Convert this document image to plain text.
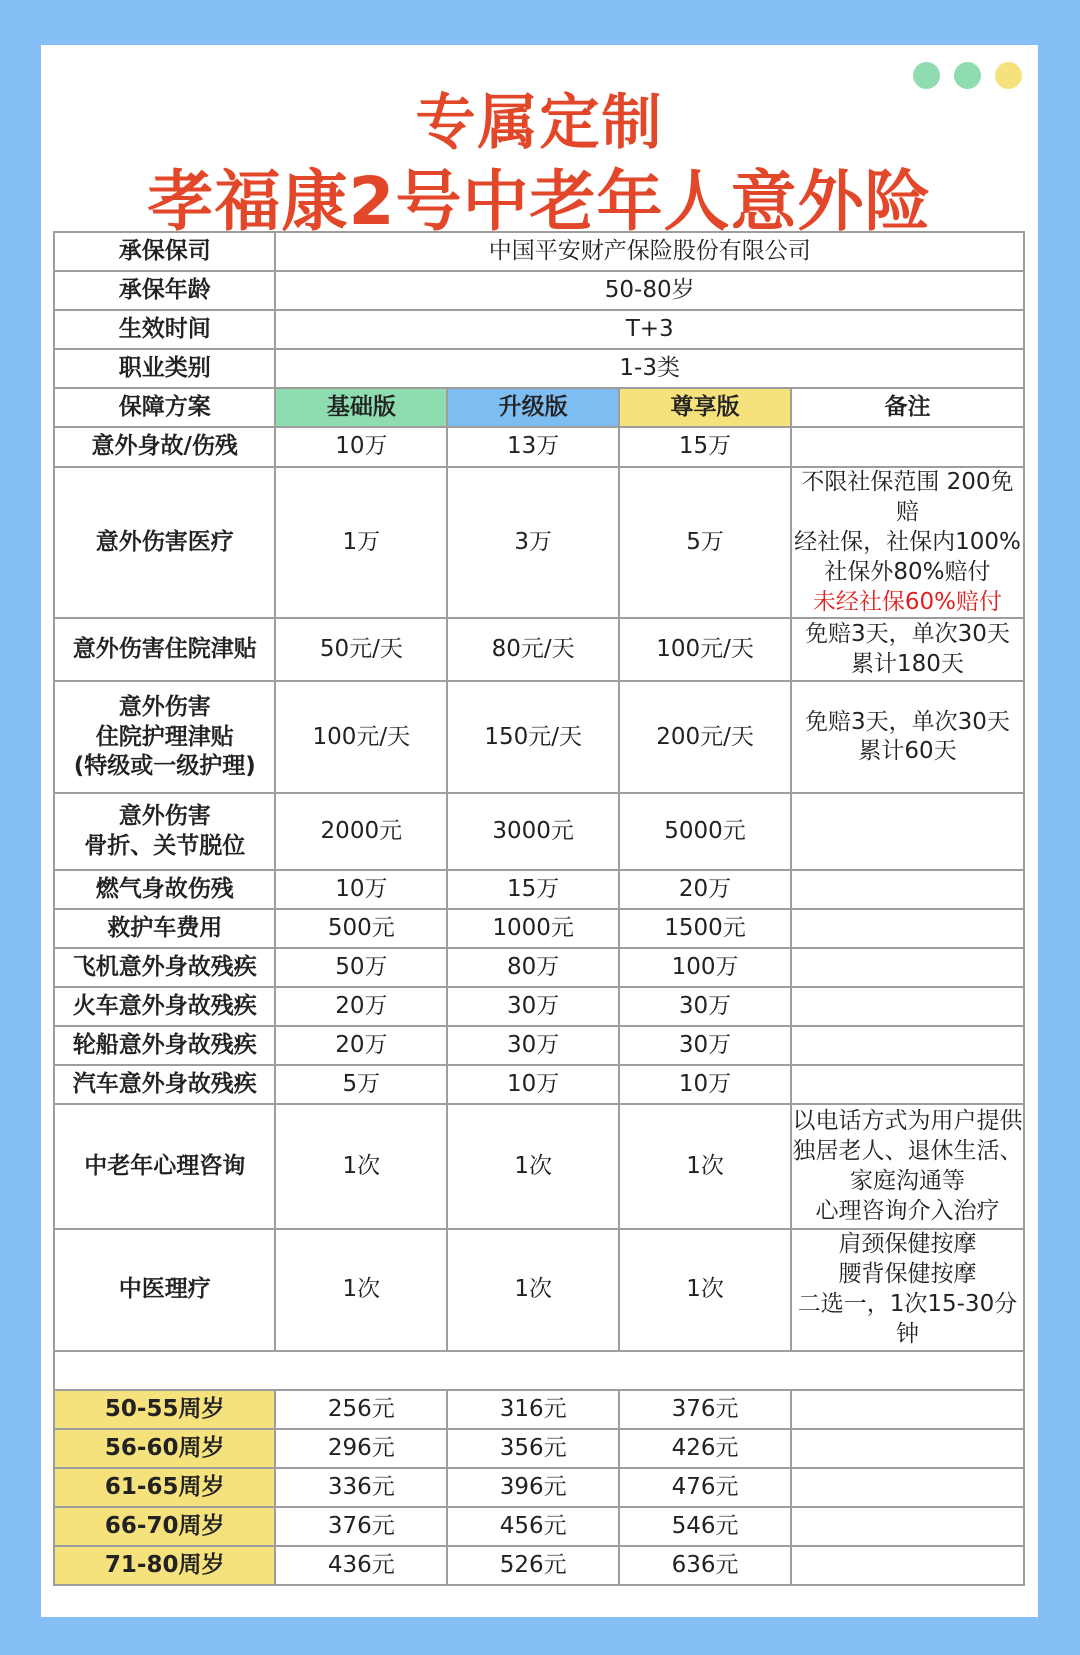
专属定制
孝福康2号中老年人意外险
承保保司	中国平安财产保险股份有限公司			
承保年龄	50-80岁			
生效时间	T+3			
职业类别	1-3类			
保障方案	基础版	升级版	尊享版	备注

意外身故/伤残	10万	13万	15万	

意外伤害医疗	1万	3万	5万	不限社保范围 200免赔
经社保，社保内100%
社保外80%赔付
未经社保60%赔付

意外伤害住院津贴	50元/天	80元/天	100元/天	免赔3天，单次30天
累计180天

意外伤害
住院护理津贴
(特级或一级护理)	100元/天	150元/天	200元/天	免赔3天，单次30天
累计60天

意外伤害
骨折、关节脱位	2000元	3000元	5000元	

燃气身故伤残	10万	15万	20万	

救护车费用	500元	1000元	1500元	

飞机意外身故残疾	50万	80万	100万	

火车意外身故残疾	20万	30万	30万	

轮船意外身故残疾	20万	30万	30万	

汽车意外身故残疾	5万	10万	10万	

中老年心理咨询	1次	1次	1次	以电话方式为用户提供
独居老人、退休生活、
家庭沟通等
心理咨询介入治疗

中医理疗	1次	1次	1次	肩颈保健按摩
腰背保健按摩
二选一，1次15-30分钟

50-55周岁	256元	316元	376元	
56-60周岁	296元	356元	426元	
61-65周岁	336元	396元	476元	
66-70周岁	376元	456元	546元	
71-80周岁	436元	526元	636元	
